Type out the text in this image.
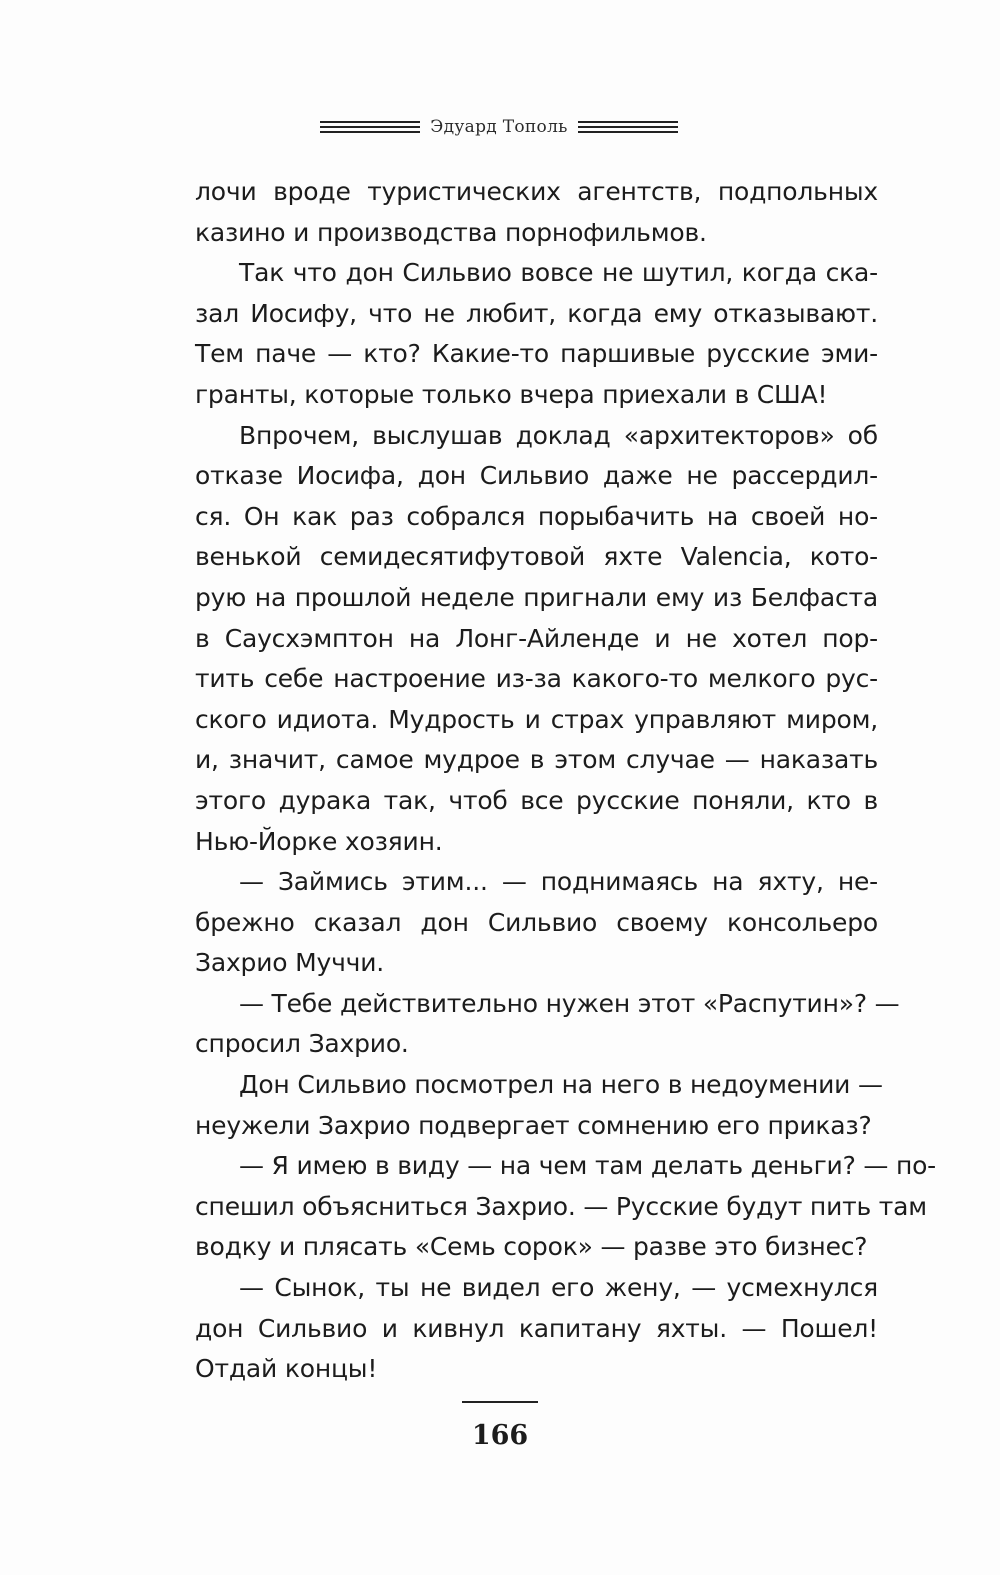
Эдуард Тополь

лочи вроде туристических агентств, подпольных
казино и производства порнофильмов.

Так что дон Сильвио вовсе не шутил, когда ска-
зал Иосифу, что не любит, когда ему отказывают.
Тем паче — кто? Какие-то паршивые русские эми-
гранты, которые только вчера приехали в США!

Впрочем, выслушав доклад «архитекторов» об
отказе Иосифа, дон Сильвио даже не рассердил-
ся. Он как раз собрался порыбачить на своей но-
венькой семидесятифутовой яхте Valencia, кото-
рую на прошлой неделе пригнали ему из Белфаста
в Саусхэмптон на Лонг-Айленде и не хотел пор-
тить себе настроение из-за какого-то мелкого рус-
ского идиота. Мудрость и страх управляют миром,
и, значит, самое мудрое в этом случае — наказать
этого дурака так, чтоб все русские поняли, кто в
Нью-Йорке хозяин.

— Займись этим... — поднимаясь на яхту, не-
брежно сказал дон Сильвио своему консольеро
Захрио Муччи.

— Тебе действительно нужен этот «Распутин»? —
спросил Захрио.

Дон Сильвио посмотрел на него в недоумении —
неужели Захрио подвергает сомнению его приказ?

— Я имею в виду — на чем там делать деньги? — по-
спешил объясниться Захрио. — Русские будут пить там
водку и плясать «Семь сорок» — разве это бизнес?

— Сынок, ты не видел его жену, — усмехнулся
дон Сильвио и кивнул капитану яхты. — Пошел!
Отдай концы!

166
